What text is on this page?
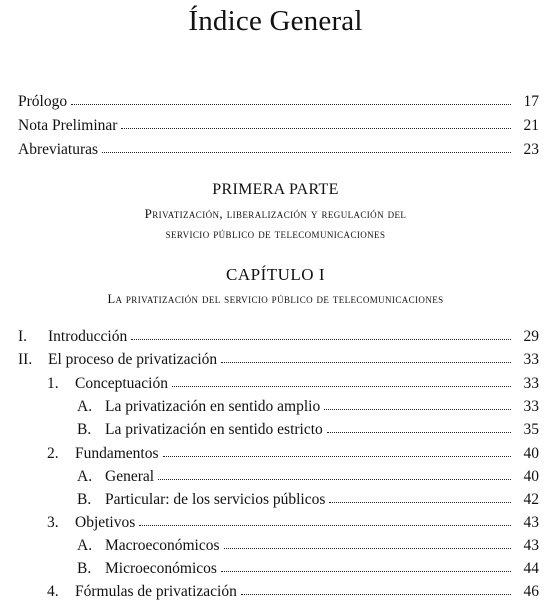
Índice General
Prólogo	17
Nota Preliminar	21
Abreviaturas	23
PRIMERA PARTE
Privatización, liberalización y regulación del
servicio público de telecomunicaciones
CAPÍTULO I
La privatización del servicio público de telecomunicaciones
I.	Introducción	29
II.	El proceso de privatización	33
1.	Conceptuación	33
A. La privatización en sentido amplio	33
B. La privatización en sentido estricto	35
2.	Fundamentos	40
A. General	40
B. Particular: de los servicios públicos	42
3.	Objetivos	43
A. Macroeconómicos	43
B. Microeconómicos	44
4.	Fórmulas de privatización	46
